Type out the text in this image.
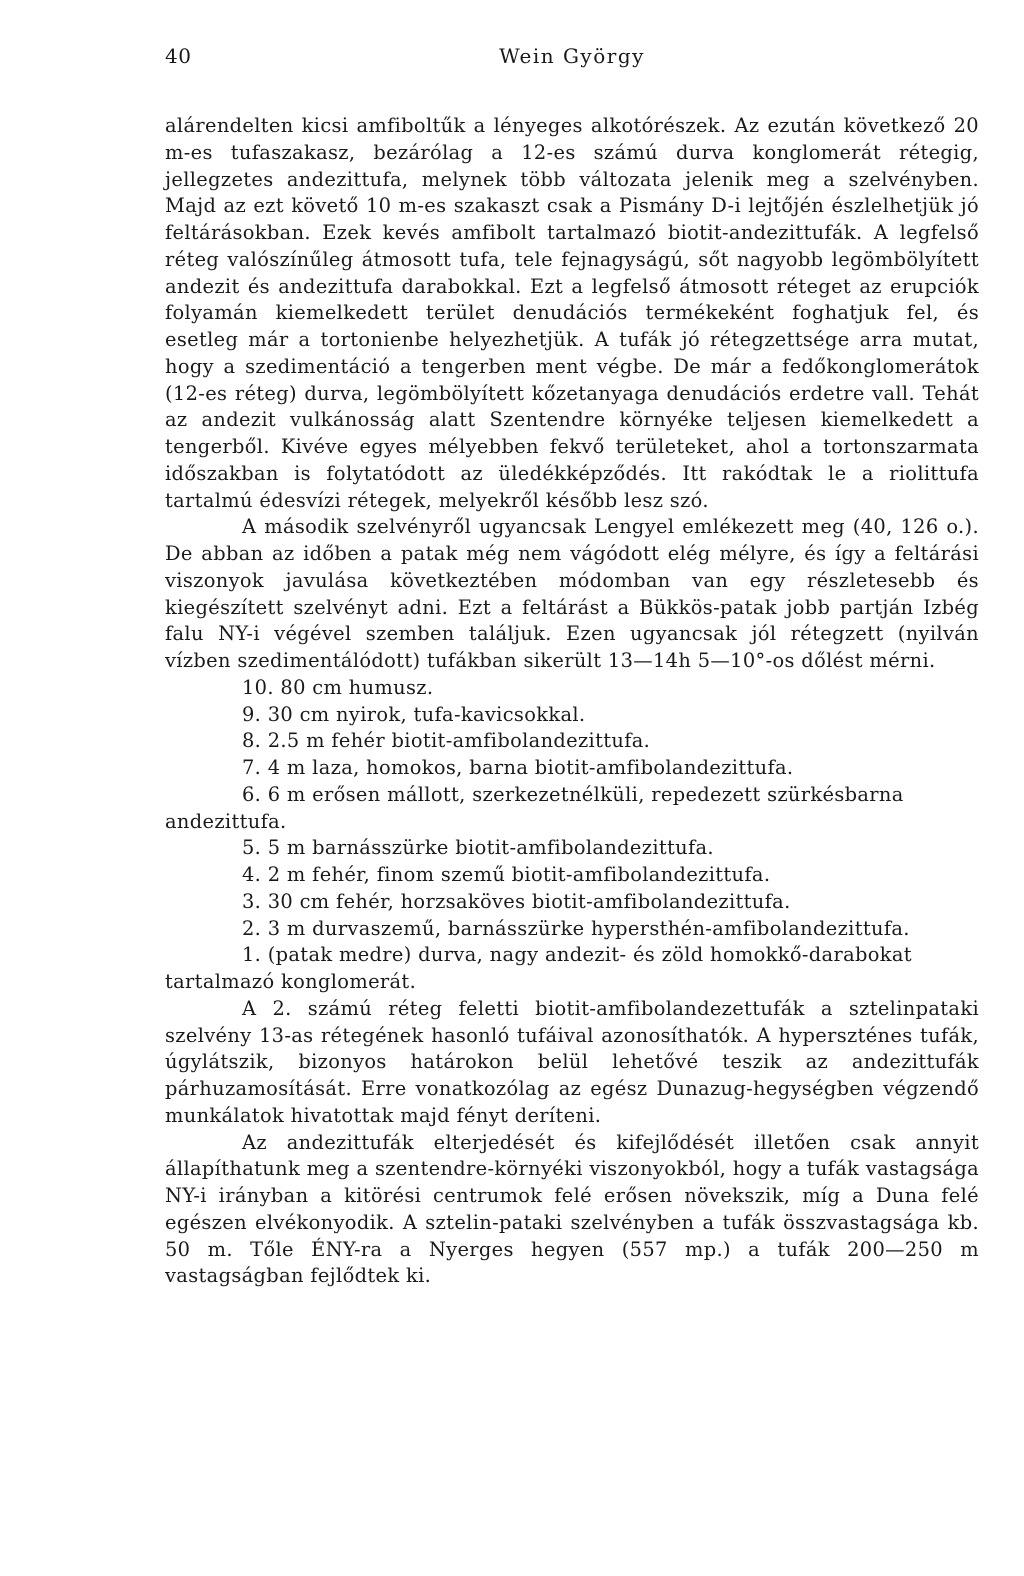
40	Wein György

alárendelten kicsi amfiboltűk a lényeges alkotórészek. Az ezután következő 20 m-es tufaszakasz, bezárólag a 12-es számú durva konglomerát rétegig, jellegzetes andezittufa, melynek több változata jelenik meg a szelvényben. Majd az ezt követő 10 m-es szakaszt csak a Pismány D-i lejtőjén észlelhetjük jó feltárásokban. Ezek kevés amfibolt tartalmazó biotit-andezittufák. A legfelső réteg valószínűleg átmosott tufa, tele fejnagyságú, sőt nagyobb legömbölyített andezit és andezittufa darabokkal. Ezt a legfelső átmosott réteget az erupciók folyamán kiemelkedett terület denudációs termékeként foghatjuk fel, és esetleg már a tortonienbe helyezhetjük. A tufák jó rétegzettsége arra mutat, hogy a szedimentáció a tengerben ment végbe. De már a fedőkonglomerátok (12-es réteg) durva, legömbölyített kőzetanyaga denudációs erdetre vall. Tehát az andezit vulkánosság alatt Szentendre környéke teljesen kiemelkedett a tengerből. Kivéve egyes mélyebben fekvő területeket, ahol a tortonszarmata időszakban is folytatódott az üledékképződés. Itt rakódtak le a riolittufa tartalmú édesvízi rétegek, melyekről később lesz szó.

A második szelvényről ugyancsak Lengyel emlékezett meg (40, 126 o.). De abban az időben a patak még nem vágódott elég mélyre, és így a feltárási viszonyok javulása következtében módomban van egy részletesebb és kiegészített szelvényt adni. Ezt a feltárást a Bükkös-patak jobb partján Izbég falu NY-i végével szemben találjuk. Ezen ugyancsak jól rétegzett (nyilván vízben szedimentálódott) tufákban sikerült 13—14h 5—10°-os dőlést mérni.

10. 80 cm humusz.

9. 30 cm nyirok, tufa-kavicsokkal.

8. 2.5 m fehér biotit-amfibolandezittufa.

7. 4 m laza, homokos, barna biotit-amfibolandezittufa.

6. 6 m erősen mállott, szerkezetnélküli, repedezett szürkésbarna andezittufa.

5. 5 m barnásszürke biotit-amfibolandezittufa.

4. 2 m fehér, finom szemű biotit-amfibolandezittufa.

3. 30 cm fehér, horzsaköves biotit-amfibolandezittufa.

2. 3 m durvaszemű, barnásszürke hypersthén-amfibolandezittufa.

1. (patak medre) durva, nagy andezit- és zöld homokkő-darabokat tartalmazó konglomerát.

A 2. számú réteg feletti biotit-amfibolandezettufák a sztelinpataki szelvény 13-as rétegének hasonló tufáival azonosíthatók. A hyperszténes tufák, úgylátszik, bizonyos határokon belül lehetővé teszik az andezittufák párhuzamosítását. Erre vonatkozólag az egész Dunazug-hegységben végzendő munkálatok hivatottak majd fényt deríteni.

Az andezittufák elterjedését és kifejlődését illetően csak annyit állapíthatunk meg a szentendre-környéki viszonyokból, hogy a tufák vastagsága NY-i irányban a kitörési centrumok felé erősen növekszik, míg a Duna felé egészen elvékonyodik. A sztelin-pataki szelvényben a tufák összvastagsága kb. 50 m. Tőle ÉNY-ra a Nyerges hegyen (557 mp.) a tufák 200—250 m vastagságban fejlődtek ki.
